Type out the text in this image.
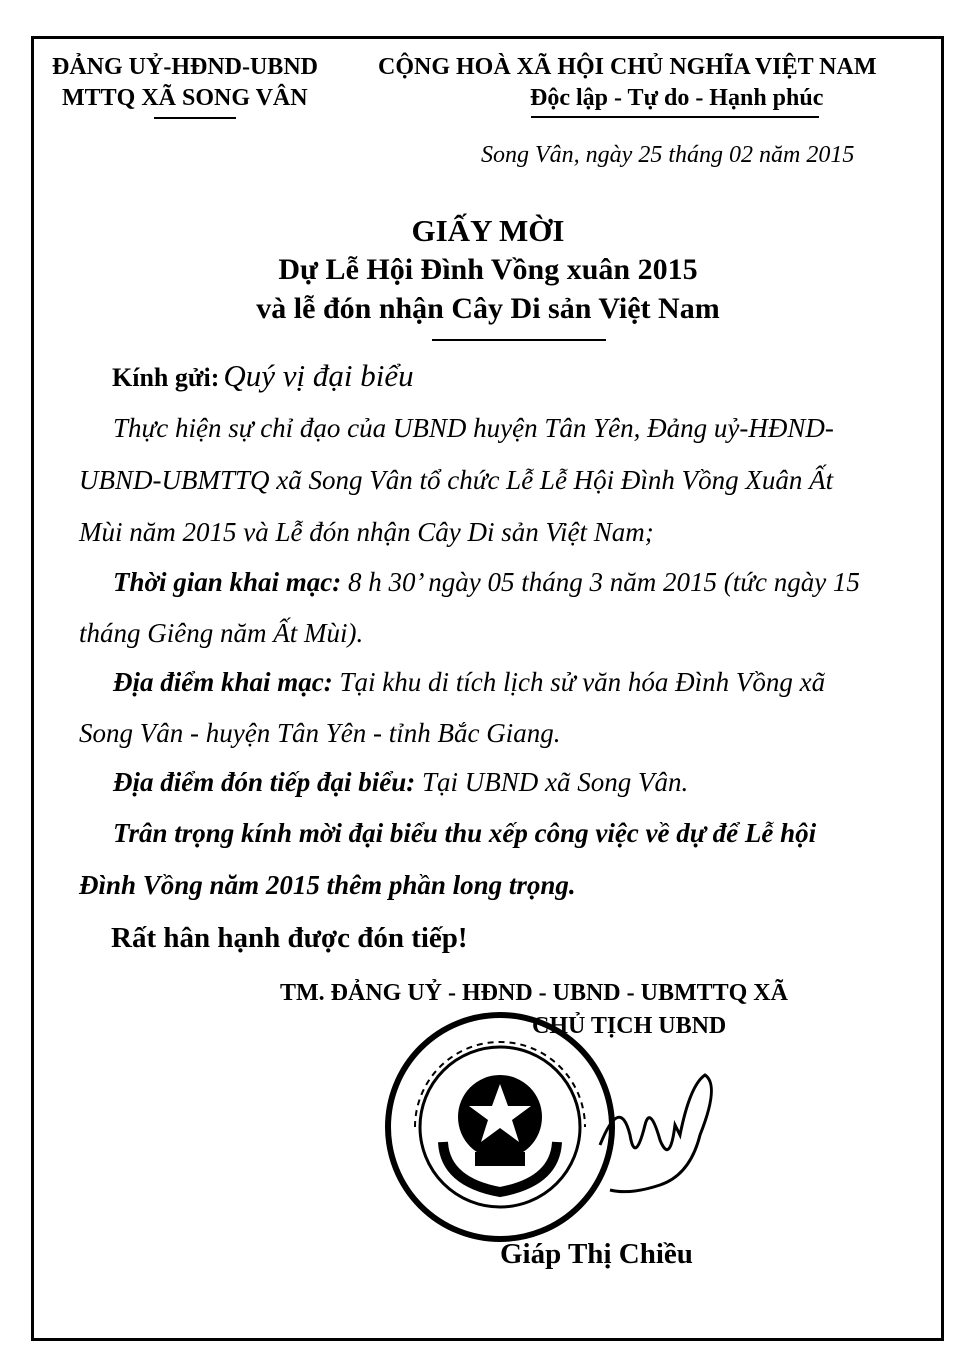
ĐẢNG UỶ-HĐND-UBND
MTTQ XÃ SONG VÂN
CỘNG HOÀ XÃ HỘI CHỦ NGHĨA VIỆT NAM
Độc lập - Tự do - Hạnh phúc
Song Vân, ngày 25 tháng 02 năm 2015
GIẤY MỜI
Dự Lễ Hội Đình Vồng xuân 2015
và lễ đón nhận Cây Di sản Việt Nam
Kính gửi: Quý vị đại biểu
Thực hiện sự chỉ đạo của UBND huyện Tân Yên, Đảng uỷ-HĐND-
UBND-UBMTTQ xã Song Vân tổ chức Lễ Lễ Hội Đình Vồng Xuân Ất
Mùi năm 2015 và Lễ đón nhận Cây Di sản Việt Nam;
Thời gian khai mạc: 8 h 30’ ngày 05 tháng 3 năm 2015 (tức ngày 15
tháng Giêng năm Ất Mùi).
Địa điểm khai mạc: Tại khu di tích lịch sử văn hóa Đình Vồng xã
Song Vân - huyện Tân Yên - tỉnh Bắc Giang.
Địa điểm đón tiếp đại biểu: Tại UBND xã Song Vân.
Trân trọng kính mời đại biểu thu xếp công việc về dự để Lễ hội
Đình Vồng năm 2015 thêm phần long trọng.
Rất hân hạnh được đón tiếp!
TM. ĐẢNG UỶ - HĐND - UBND - UBMTTQ XÃ
CHỦ TỊCH UBND
Giáp Thị Chiều
